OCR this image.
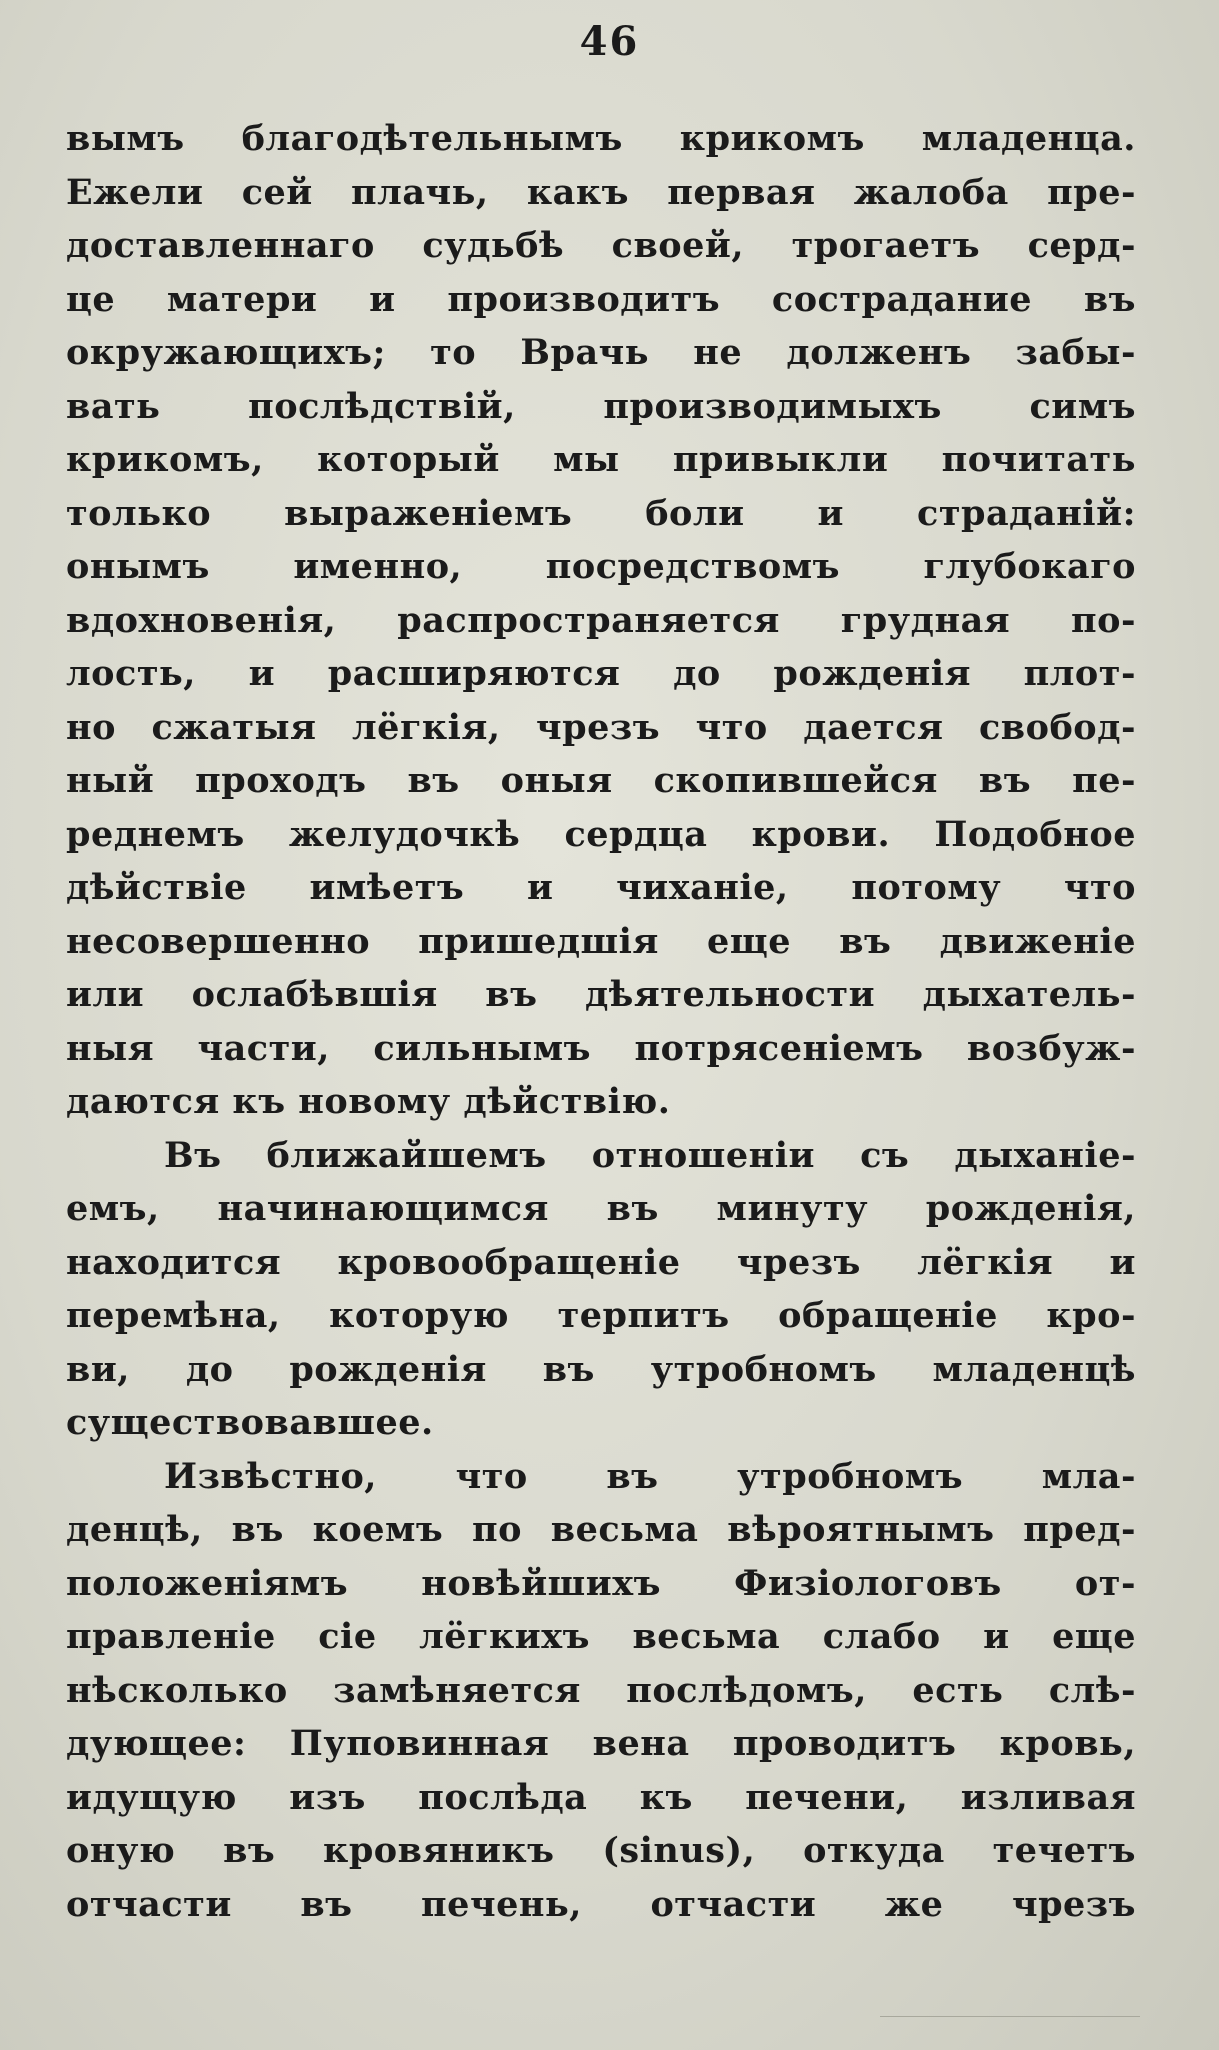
46
вымъ благодѣтельнымъ крикомъ младенца.
Ежели сей плачь, какъ первая жалоба пре-
доставленнаго судьбѣ своей, трогаетъ серд-
це матери и производитъ сострадание въ
окружающихъ; то Врачь не долженъ забы-
вать послѣдствій, производимыхъ симъ
крикомъ, который мы привыкли почитать
только выраженіемъ боли и страданій:
онымъ именно, посредствомъ глубокаго
вдохновенія, распространяется грудная по-
лость, и расширяются до рожденія плот-
но сжатыя лёгкія, чрезъ что дается свобод-
ный проходъ въ оныя скопившейся въ пе-
реднемъ желудочкѣ сердца крови. Подобное
дѣйствіе имѣетъ и чиханіе, потому что
несовершенно пришедшія еще въ движеніе
или ослабѣвшія въ дѣятельности дыхатель-
ныя части, сильнымъ потрясеніемъ возбуж-
даются къ новому дѣйствію.
Въ ближайшемъ отношеніи съ дыханіе-
емъ, начинающимся въ минуту рожденія,
находится кровообращеніе чрезъ лёгкія и
перемѣна, которую терпитъ обращеніе кро-
ви, до рожденія въ утробномъ младенцѣ
существовавшее.
Извѣстно, что въ утробномъ мла-
денцѣ, въ коемъ по весьма вѣроятнымъ пред-
положеніямъ новѣйшихъ Физіологовъ от-
правленіе сіе лёгкихъ весьма слабо и еще
нѣсколько замѣняется послѣдомъ, есть слѣ-
дующее: Пуповинная вена проводитъ кровь,
идущую изъ послѣда къ печени, изливая
оную въ кровяникъ (sinus), откуда течетъ
отчасти въ печень, отчасти же чрезъ
